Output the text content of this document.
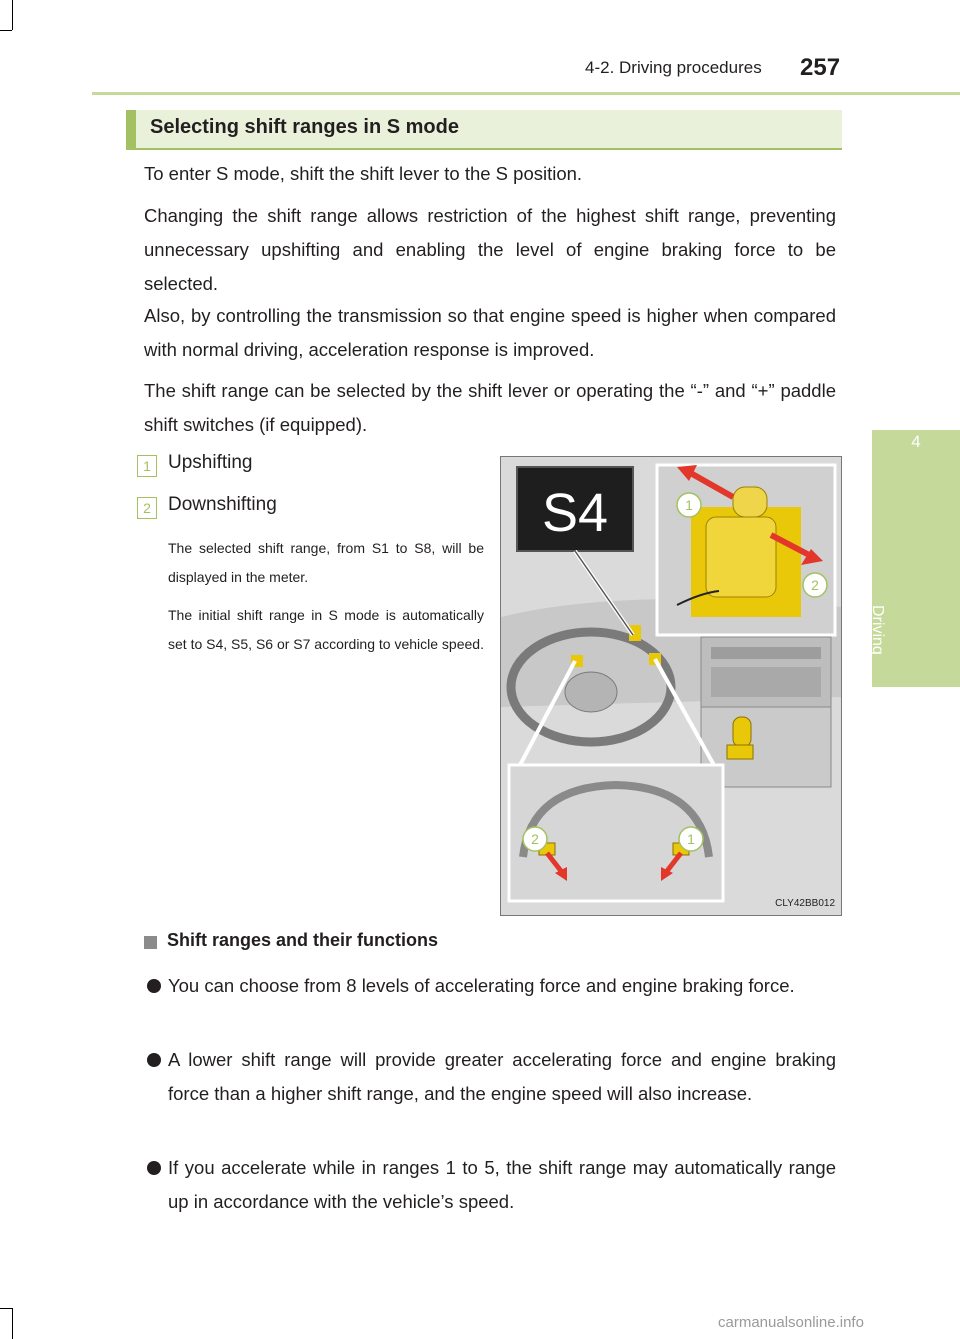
4-2. Driving procedures 257
4
Driving
Selecting shift ranges in S mode
To enter S mode, shift the shift lever to the S position.
Changing the shift range allows restriction of the highest shift range, preventing unnecessary upshifting and enabling the level of engine braking force to be selected.
Also, by controlling the transmission so that engine speed is higher when compared with normal driving, acceleration response is improved.
The shift range can be selected by the shift lever or operating the “-” and “+” paddle shift switches (if equipped).
1 Upshifting
2 Downshifting
The selected shift range, from S1 to S8, will be displayed in the meter.
The initial shift range in S mode is automatically set to S4, S5, S6 or S7 according to vehicle speed.
S4	1
2
2	1
CLY42BB012
Shift ranges and their functions
You can choose from 8 levels of accelerating force and engine braking force.
A lower shift range will provide greater accelerating force and engine braking force than a higher shift range, and the engine speed will also increase.
If you accelerate while in ranges 1 to 5, the shift range may automatically range up in accordance with the vehicle’s speed.
carmanualsonline.info
